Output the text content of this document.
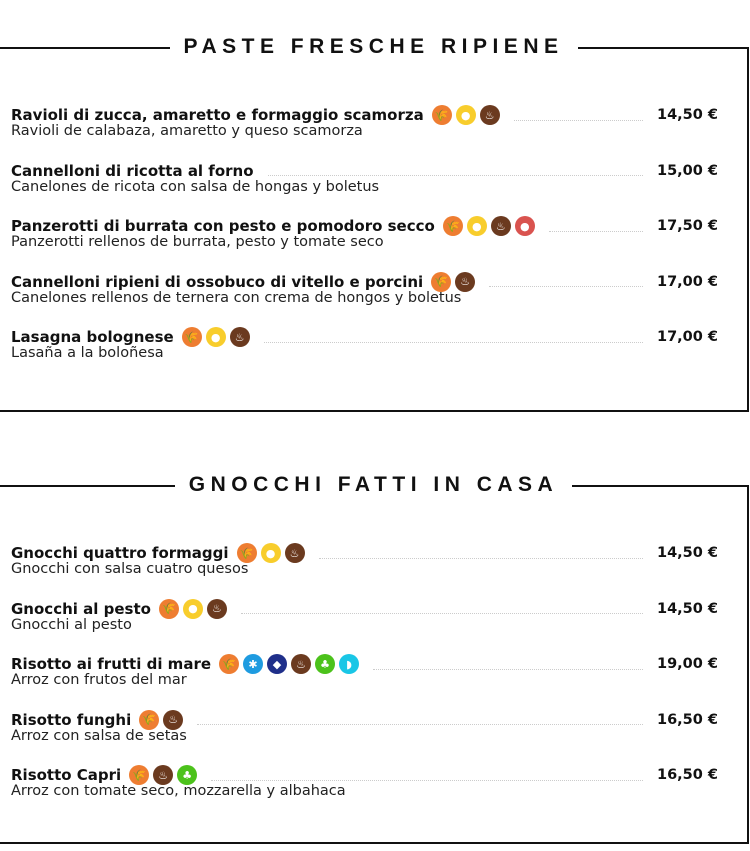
PASTE FRESCHE RIPIENE
Ravioli di zucca, amaretto e formaggio scamorza 🌾	●	♨	14,50 €
Ravioli de calabaza, amaretto y queso scamorza
Cannelloni di ricotta al forno	15,00 €
Canelones de ricota con salsa de hongas y boletus
Panzerotti di burrata con pesto e pomodoro secco 🌾	●	♨	●	17,50 €
Panzerotti rellenos de burrata, pesto y tomate seco
Cannelloni ripieni di ossobuco di vitello e porcini 🌾	♨	17,00 €
Canelones rellenos de ternera con crema de hongos y boletus
Lasagna bolognese 🌾	●	♨	17,00 €
Lasaña a la boloñesa
GNOCCHI FATTI IN CASA
Gnocchi quattro formaggi 🌾	●	♨	14,50 €
Gnocchi con salsa cuatro quesos
Gnocchi al pesto 🌾	●	♨	14,50 €
Gnocchi al pesto
Risotto ai frutti di mare 🌾	✱	◆	♨	♣	◗	19,00 €
Arroz con frutos del mar
Risotto funghi 🌾	♨	16,50 €
Arroz con salsa de setas
Risotto Capri 🌾	♨	♣	16,50 €
Arroz con tomate seco, mozzarella y albahaca
